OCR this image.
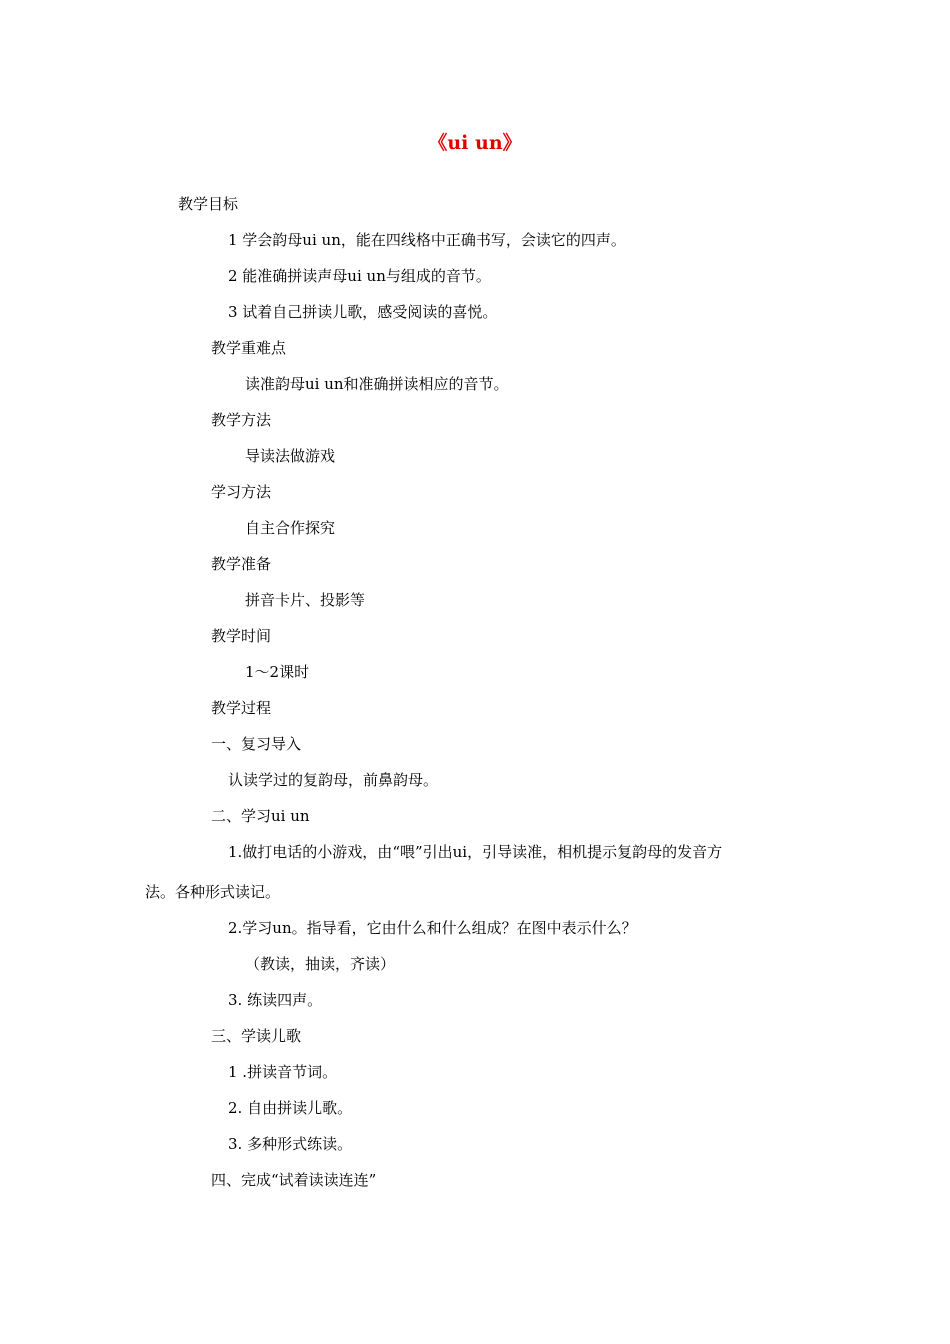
《ui un》
教学目标
1 学会韵母ui un，能在四线格中正确书写，会读它的四声。
2 能准确拼读声母ui un与组成的音节。
3 试着自己拼读儿歌，感受阅读的喜悦。
教学重难点
读准韵母ui un和准确拼读相应的音节。
教学方法
导读法做游戏
学习方法
自主合作探究
教学准备
拼音卡片、投影等
教学时间
1～2课时
教学过程
一、复习导入
认读学过的复韵母，前鼻韵母。
二、学习ui un
1.做打电话的小游戏，由“喂”引出ui，引导读准，相机提示复韵母的发音方
法。各种形式读记。
2.学习un。指导看，它由什么和什么组成？在图中表示什么？
（教读，抽读，齐读）
3. 练读四声。
三、学读儿歌
1 .拼读音节词。
2. 自由拼读儿歌。
3. 多种形式练读。
四、完成“试着读读连连”
